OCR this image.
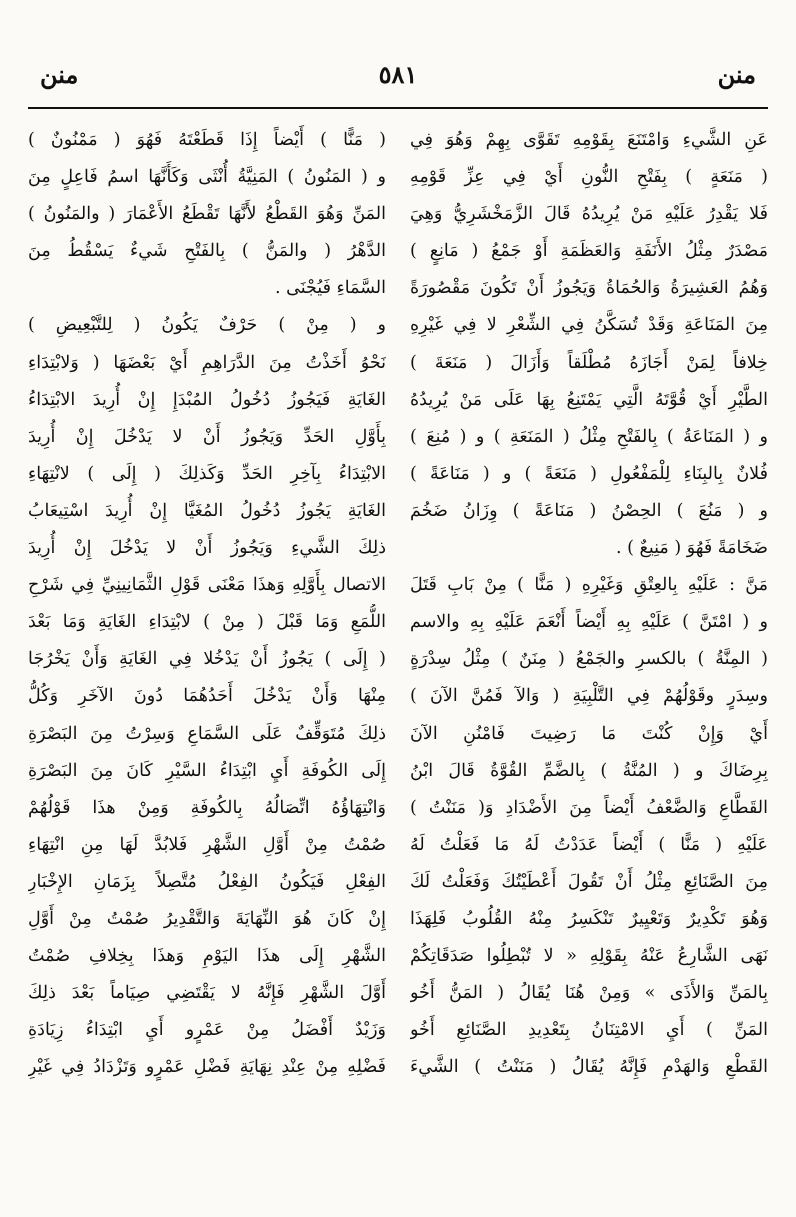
منن
٥٨١
منن
عَنِ الشَّيءِ وَامْتَنَعَ بِقَوْمِهِ تَقَوَّى بِهِمْ وَهُوَ فِي
( مَنَعَةٍ ) بِفَتْحِ النُّونِ أَيْ فِي عِزِّ قَوْمِهِ
فَلا يَقْدِرُ عَلَيْهِ مَنْ يُرِيدُهُ قَالَ الزَّمَخْشَرِيُّ وَهِيَ
مَصْدَرٌ مِثْلُ الأَنَفَةِ وَالعَظَمَةِ أَوْ جَمْعُ ( مَانِعٍ )
وَهُمُ العَشِيرَةُ وَالحُمَاةُ وَيَجُوزُ أَنْ تَكُونَ مَقْصُورَةً
مِنَ المَنَاعَةِ وَقَدْ تُسَكَّنُ فِي الشِّعْرِ لا فِي غَيْرِهِ
خِلافاً لِمَنْ أَجَازَهُ مُطْلَقاً وَأَزَالَ ( مَنَعَةَ )
الطَّيْرِ أَيْ قُوَّتَهُ الَّتِي يَمْتَنِعُ بِهَا عَلَى مَنْ يُرِيدُهُ
و ( المَنَاعَةُ ) بِالفَتْحِ مِثْلُ ( المَنَعَةِ ) و ( مُنِعَ )
فُلانٌ بِالبِنَاءِ لِلْمَفْعُولِ ( مَنَعَةً ) و ( مَنَاعَةً )
و ( مَنُعَ ) الحِصْنُ ( مَنَاعَةً ) وِزَانُ ضَخُمَ
ضَخَامَةً فَهُوَ ( مَنِيعٌ ) .
مَنَّ : عَلَيْهِ بِالعِتْقِ وَغَيْرِهِ ( مَنًّا ) مِنْ بَابِ قَتَلَ
و ( امْتَنَّ ) عَلَيْهِ بِهِ أَيْضاً أَنْعَمَ عَلَيْهِ بِهِ والاسم
( المِنَّةُ ) بالكسرِ والجَمْعُ ( مِنَنٌ ) مِثْلُ سِدْرَةٍ
وسِدَرٍ وقَوْلُهُمْ فِي التَّلْبِيَةِ ( وَالآ فَمُنَّ الآنَ )
أَيْ وَإِنْ كُنْتَ مَا رَضِيتَ فَامْنُنِ الآنَ
بِرِضَاكَ و ( المُنَّةُ ) بِالضَّمِّ القُوَّةُ قَالَ ابْنُ
القَطَّاعِ وَالضَّعْفُ أَيْضاً مِنَ الأَضْدَادِ وَ( مَنَنْتُ )
عَلَيْهِ ( مَنًّا ) أَيْضاً عَدَدْتُ لَهُ مَا فَعَلْتُ لَهُ
مِنَ الصَّنَائِعِ مِثْلُ أَنْ تَقُولَ أَعْطَيْتُكَ وَفَعَلْتُ لَكَ
وَهُوَ تَكْدِيرٌ وَتَعْيِيرٌ تَنْكَسِرُ مِنْهُ القُلُوبُ فَلِهَذَا
نَهَى الشَّارِعُ عَنْهُ بِقَوْلِهِ « لا تُبْطِلُوا صَدَقَاتِكُمْ
بِالمَنِّ وَالأَذَى » وَمِنْ هُنَا يُقَالُ ( المَنُّ أَخُو
المَنِّ ) أَيِ الامْتِنَانُ بِتَعْدِيدِ الصَّنَائِعِ أَخُو
القَطْعِ وَالهَدْمِ فَإِنَّهُ يُقَالُ ( مَنَنْتُ ) الشَّيءَ
( مَنًّا ) أَيْضاً إِذَا قَطَعْتَهُ فَهُوَ ( مَمْنُونٌ )
و ( المَنُونُ ) المَنِيَّةُ أُنْثَى وَكَأَنَّهَا اسمُ فَاعِلٍ مِنَ
المَنِّ وَهُوَ القَطْعُ لأَنَّهَا تَقْطَعُ الأَعْمَارَ ( والمَنُونُ )
الدَّهْرُ ( والمَنُّ ) بِالفَتْحِ شَيءٌ يَسْقُطُ مِنَ
السَّمَاءِ فَيُجْنَى .
و ( مِنْ ) حَرْفٌ يَكُونُ ( لِلتَّبْعِيضِ )
نَحْوُ أَخَذْتُ مِنَ الدَّرَاهِمِ أَيْ بَعْضَهَا ( وَلابْتِدَاءِ
الغَايَةِ فَيَجُوزُ دُخُولُ المُبْدَإِ إِنْ أُرِيدَ الابْتِدَاءُ
بِأَوَّلِ الحَدِّ وَيَجُوزُ أَنْ لا يَدْخُلَ إِنْ أُرِيدَ
الابْتِدَاءُ بِآخِرِ الحَدِّ وَكَذلِكَ ( إِلَى ) لانْتِهَاءِ
الغَايَةِ يَجُوزُ دُخُولُ المُغَيَّا إِنْ أُرِيدَ اسْتِيعَابُ
ذلِكَ الشَّيءِ وَيَجُوزُ أَنْ لا يَدْخُلَ إِنْ أُرِيدَ
الاتصال بِأَوَّلِهِ وَهذَا مَعْنَى قَوْلِ الثَّمَانِينِيِّ فِي شَرْحِ
اللُّمَعِ وَمَا قَبْلَ ( مِنْ ) لابْتِدَاءِ الغَايَةِ وَمَا بَعْدَ
( إِلَى ) يَجُوزُ أَنْ يَدْخُلا فِي الغَايَةِ وَأَنْ يَخْرُجَا
مِنْهَا وَأَنْ يَدْخُلَ أَحَدُهُمَا دُونَ الآخَرِ وَكُلُّ
ذلِكَ مُتَوَقِّفٌ عَلَى السَّمَاعِ وَسِرْتُ مِنَ البَصْرَةِ
إِلَى الكُوفَةِ أَيِ ابْتِدَاءُ السَّيْرِ كَانَ مِنَ البَصْرَةِ
وَانْتِهَاؤُهُ اتِّصَالُهُ بِالكُوفَةِ وَمِنْ هذَا قَوْلُهُمْ
صُمْتُ مِنْ أَوَّلِ الشَّهْرِ فَلابُدَّ لَهَا مِنِ انْتِهَاءِ
الفِعْلِ فَيَكُونُ الفِعْلُ مُتَّصِلاً بِزَمَانِ الإِخْبَارِ
إِنْ كَانَ هُوَ النِّهَايَةَ وَالتَّقْدِيرُ صُمْتُ مِنْ أَوَّلِ
الشَّهْرِ إِلَى هذَا اليَوْمِ وَهذَا بِخِلافِ صُمْتُ
أَوَّلَ الشَّهْرِ فَإِنَّهُ لا يَقْتَضِي صِيَاماً بَعْدَ ذلِكَ
وَزَيْدٌ أَفْضَلُ مِنْ عَمْرٍو أَيِ ابْتِدَاءُ زِيَادَةِ
فَضْلِهِ مِنْ عِنْدِ نِهَايَةِ فَضْلِ عَمْرٍو وَتَزْدَادُ فِي غَيْرِ
